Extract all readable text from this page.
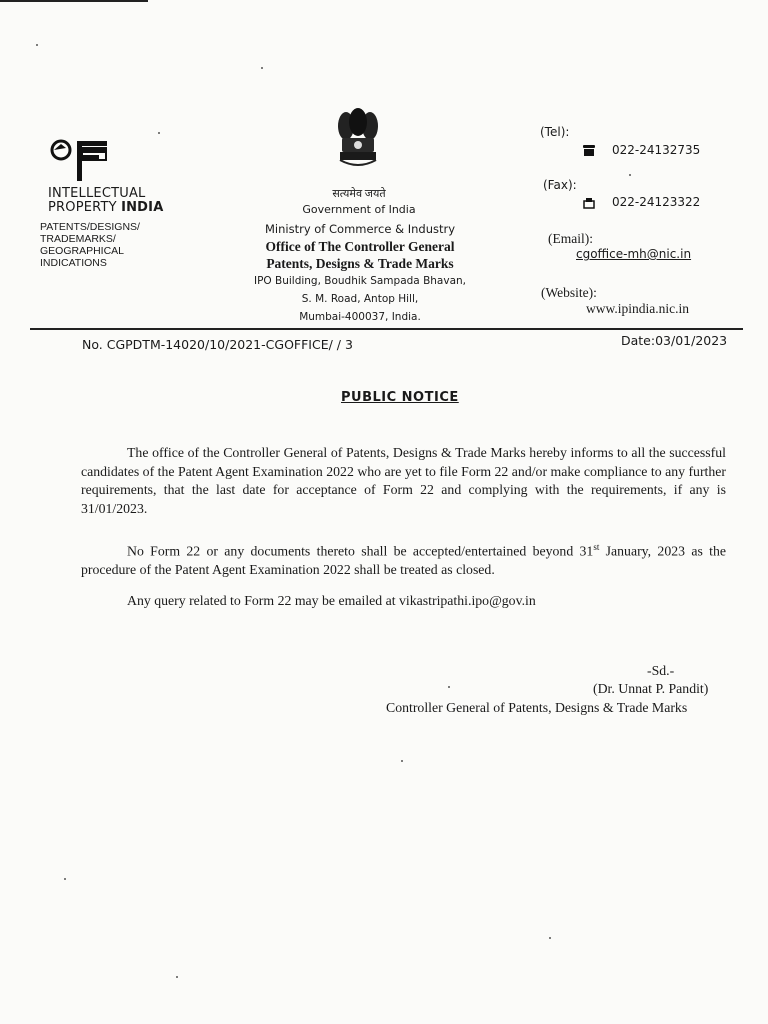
INTELLECTUAL
PROPERTY INDIA
PATENTS/DESIGNS/
TRADEMARKS/
GEOGRAPHICAL
INDICATIONS
सत्यमेव जयते
Government of India
Ministry of Commerce & Industry
Office of The Controller General
Patents, Designs & Trade Marks
IPO Building, Boudhik Sampada Bhavan,
S. M. Road, Antop Hill,
Mumbai-400037, India.
(Tel):
022-24132735
(Fax):
022-24123322
(Email):
cgoffice-mh@nic.in
(Website):
www.ipindia.nic.in
No. CGPDTM-14020/10/2021-CGOFFICE/ / 3	Date:03/01/2023
PUBLIC NOTICE
The office of the Controller General of Patents, Designs & Trade Marks hereby informs to all the successful candidates of the Patent Agent Examination 2022 who are yet to file Form 22 and/or make compliance to any further requirements, that the last date for acceptance of Form 22 and complying with the requirements, if any is 31/01/2023.
No Form 22 or any documents thereto shall be accepted/entertained beyond 31st January, 2023 as the procedure of the Patent Agent Examination 2022 shall be treated as closed.
Any query related to Form 22 may be emailed at vikastripathi.ipo@gov.in
-Sd.-
(Dr. Unnat P. Pandit)
Controller General of Patents, Designs & Trade Marks
